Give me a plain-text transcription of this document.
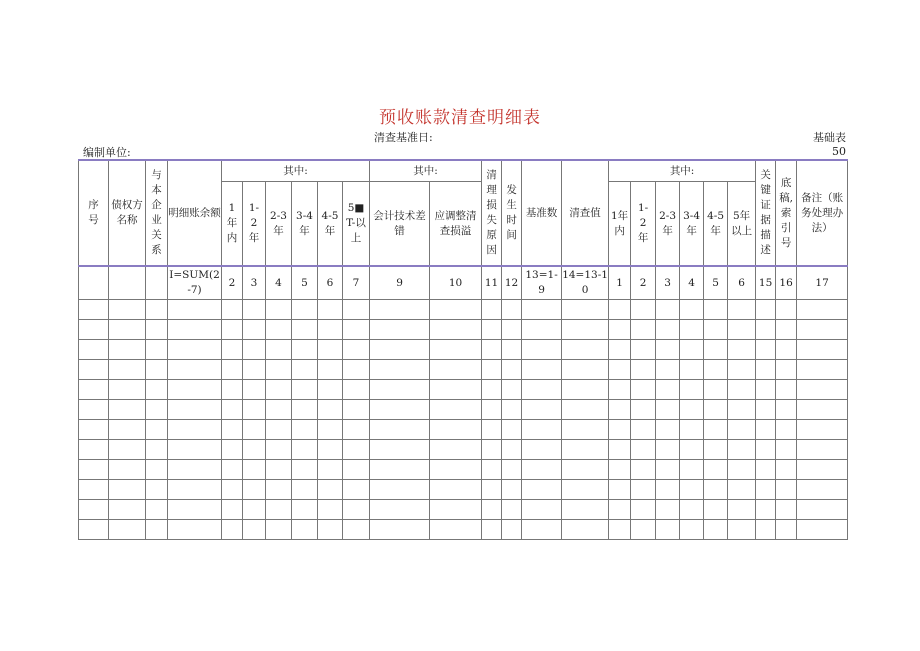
预收账款清查明细表
编制单位:
清查基准日:	基础表50
序号	债权方名称	与本企业关系	明细账余额	其中:						其中:		清理损失原因	发生时间	基准数	清查值	其中:						关键证据描述	底稿,索引号	备注（账务处理办法）
				1年内	1-2年	2-3年	3-4年	4-5年	5■T-以上	会计技术差错	应调整清查损溢					1年内	1-2年	2-3年	3-4年	4-5年	5年以上			
			I=SUM(2-7)	2	3	4	5	6	7	9	10	11	12	13=1-9	14=13-10	1	2	3	4	5	6	15	16	17
